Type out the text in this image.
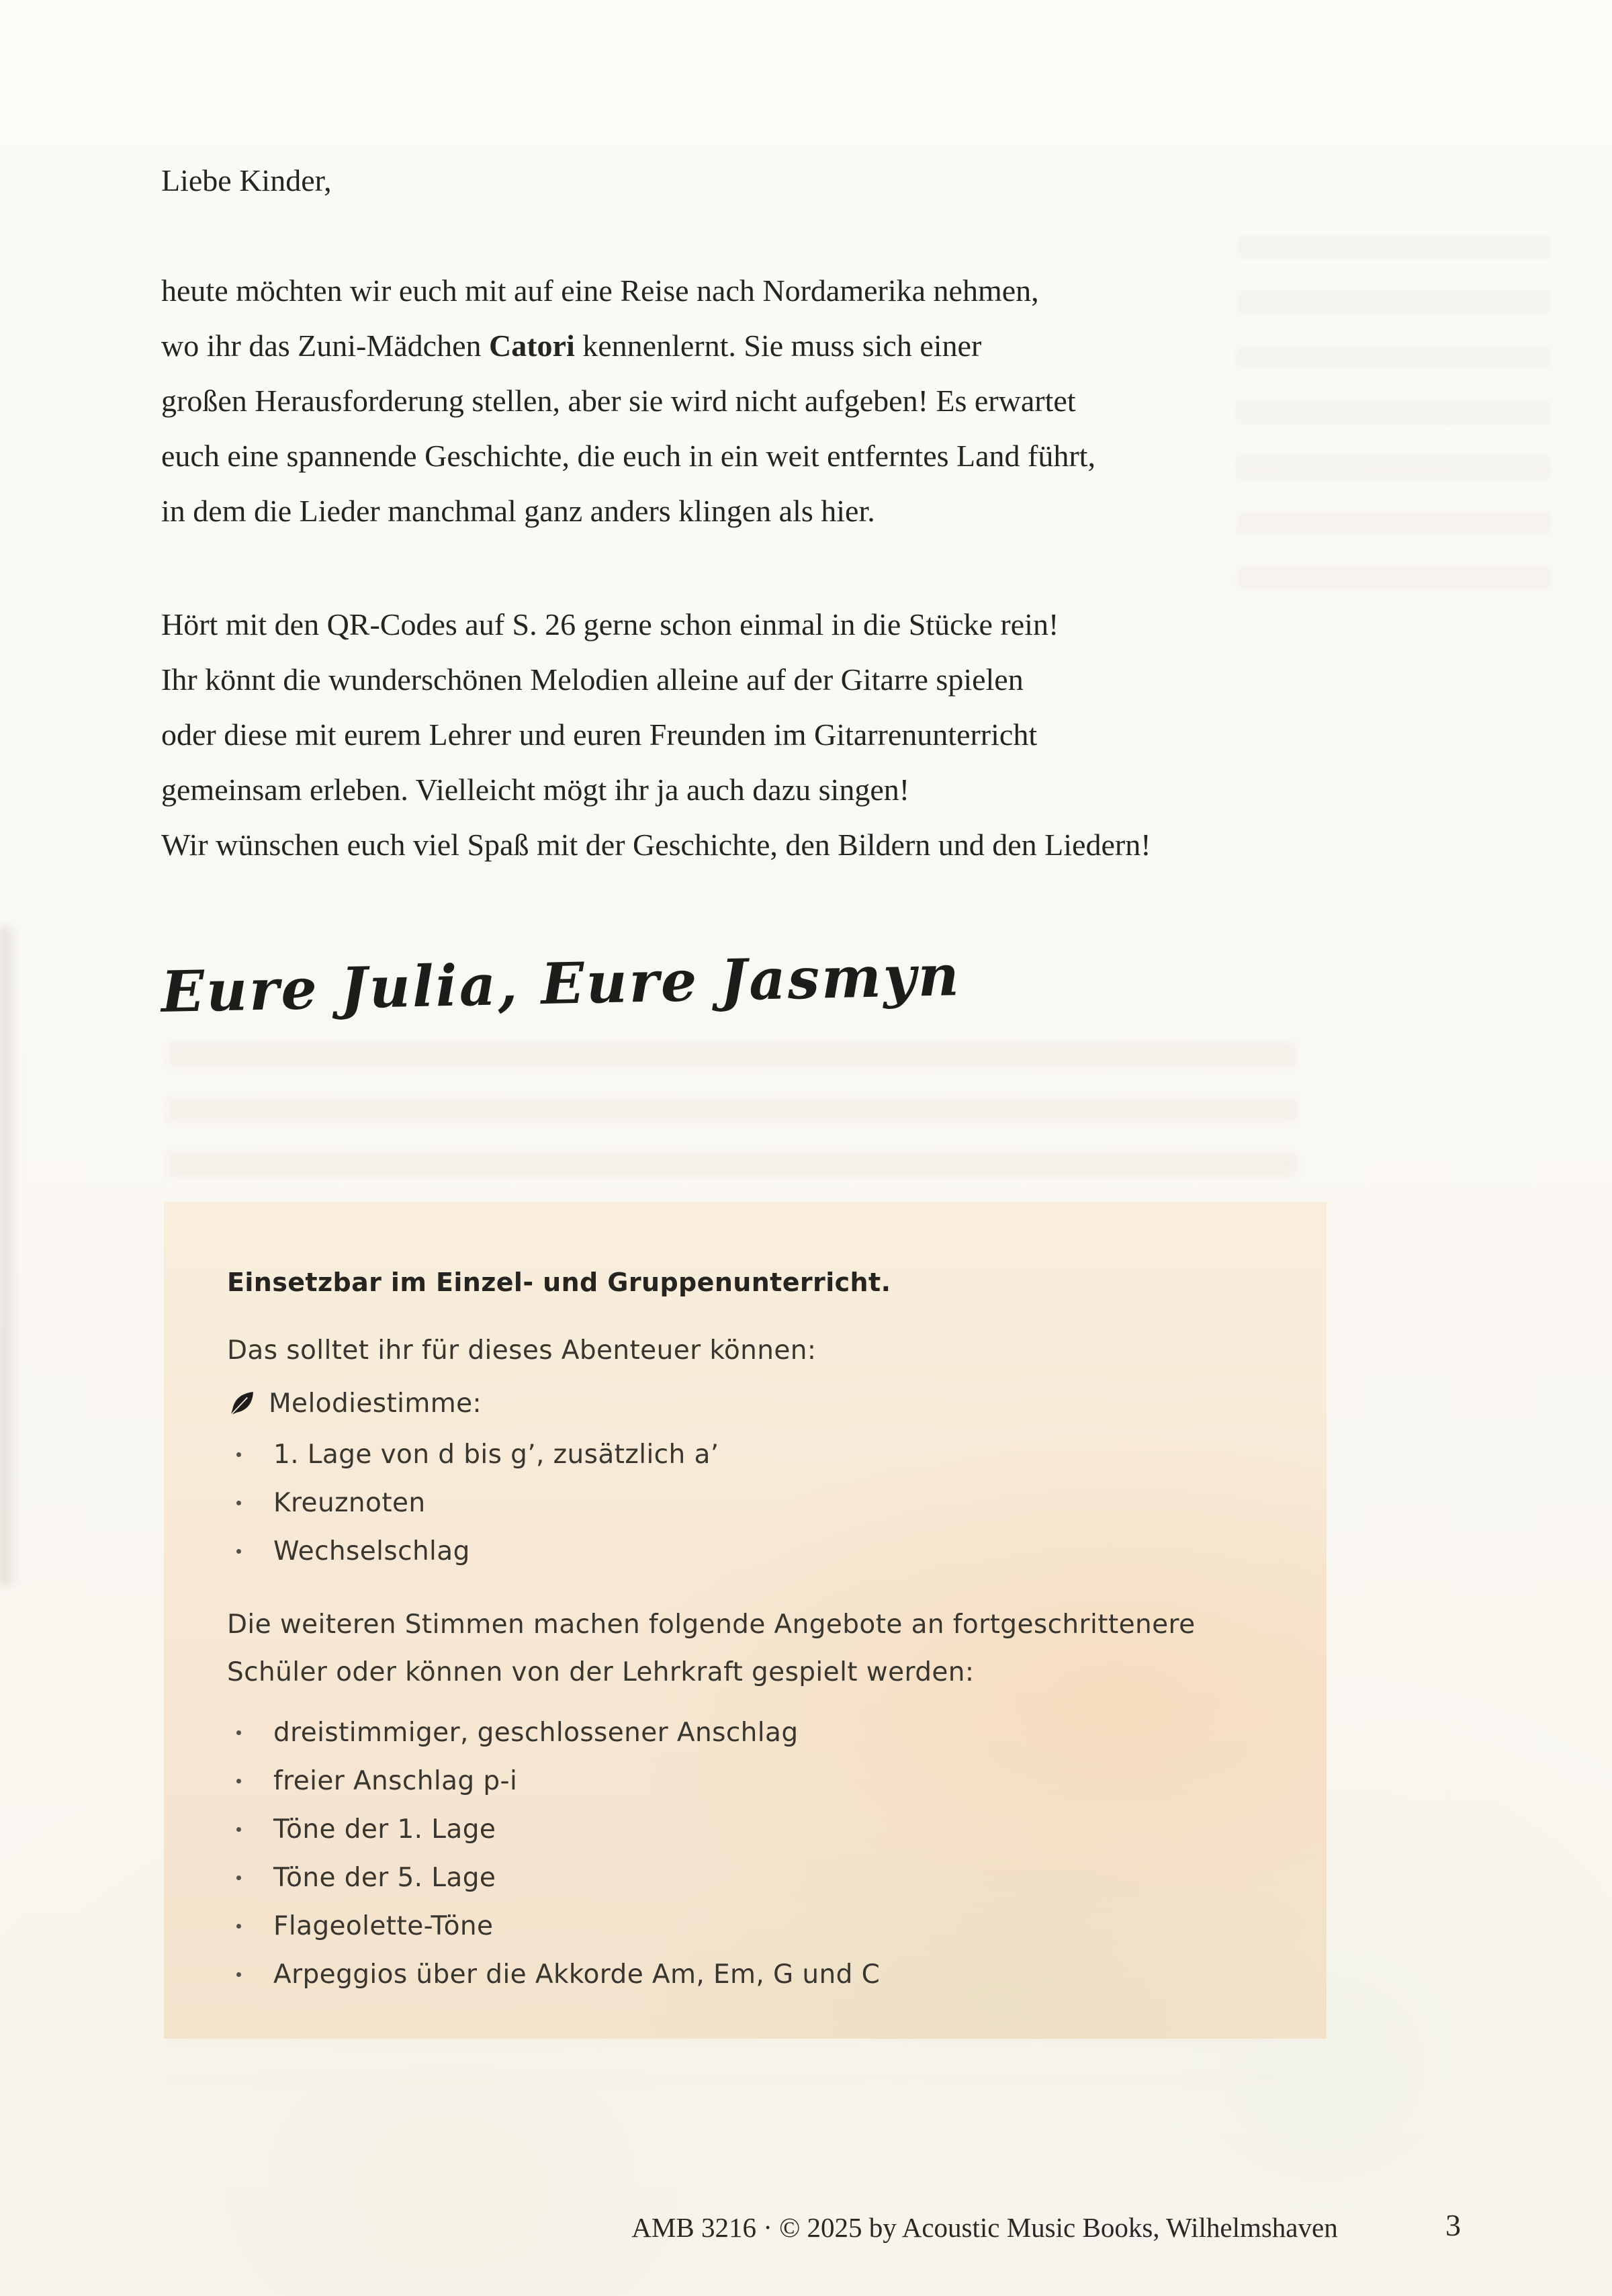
Liebe Kinder,
heute möchten wir euch mit auf eine Reise nach Nordamerika nehmen,
wo ihr das Zuni-Mädchen Catori kennenlernt. Sie muss sich einer
großen Herausforderung stellen, aber sie wird nicht aufgeben! Es erwartet
euch eine spannende Geschichte, die euch in ein weit entferntes Land führt,
in dem die Lieder manchmal ganz anders klingen als hier.
Hört mit den QR-Codes auf S. 26 gerne schon einmal in die Stücke rein!
Ihr könnt die wunderschönen Melodien alleine auf der Gitarre spielen
oder diese mit eurem Lehrer und euren Freunden im Gitarrenunterricht
gemeinsam erleben. Vielleicht mögt ihr ja auch dazu singen!
Wir wünschen euch viel Spaß mit der Geschichte, den Bildern und den Liedern!
Eure Julia, Eure Jasmyn
Einsetzbar im Einzel- und Gruppenunterricht.

Das solltet ihr für dieses Abenteuer können:

Melodiestimme:
1. Lage von d bis g’, zusätzlich a’
Kreuznoten
Wechselschlag
Die weiteren Stimmen machen folgende Angebote an fortgeschrittenere
Schüler oder können von der Lehrkraft gespielt werden:
dreistimmiger, geschlossener Anschlag
freier Anschlag p-i
Töne der 1. Lage
Töne der 5. Lage
Flageolette-Töne
Arpeggios über die Akkorde Am, Em, G und C
AMB 3216 · © 2025 by Acoustic Music Books, Wilhelmshaven	3
